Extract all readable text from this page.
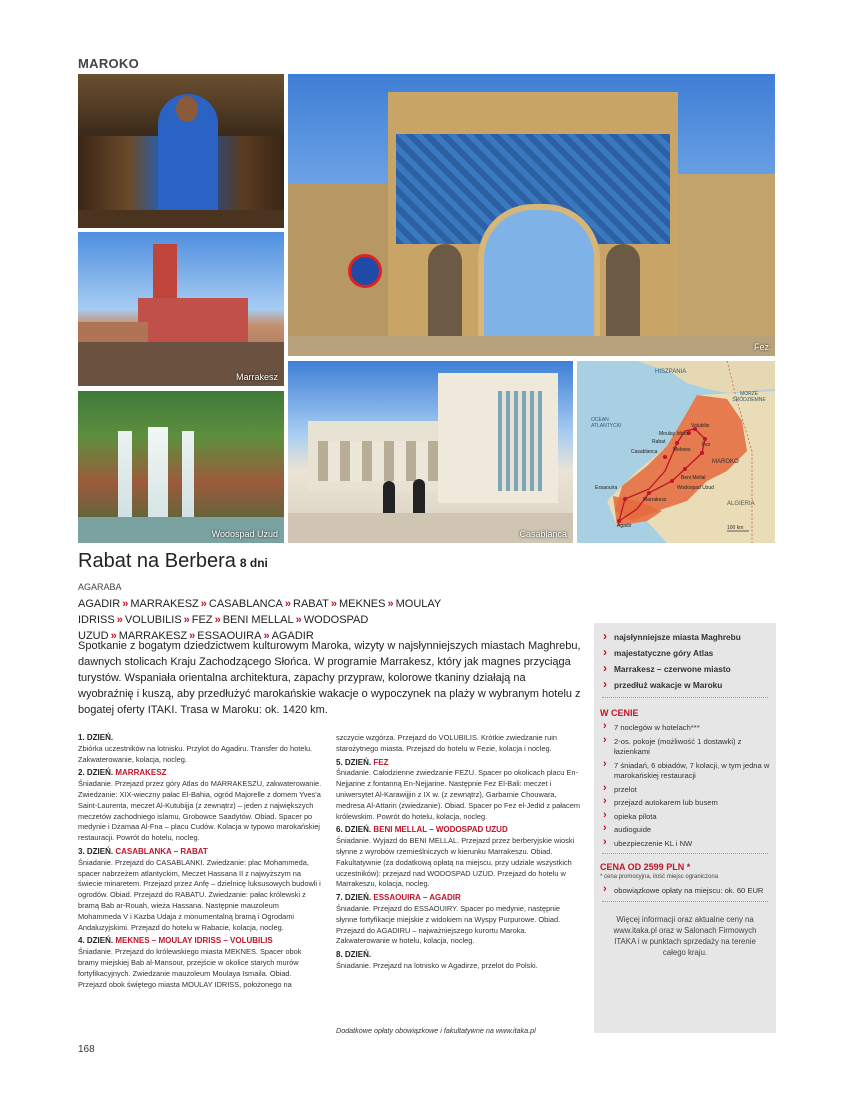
MAROKO
Fez
Marrakesz
Wodospad Uzud	Casablanca
HISZPANIA
MORZE ŚRÓDZIEMNE
OCEAN ATLANTYCKI
MAROKO
ALGIERIA
100 km
Volubilis
Moulay Idriss
Rabat
Meknes
Fez
Casablanca
Beni Mellal
Wodospad Uzud
Essaouira
Marrakesz
Agadir
Rabat na Berbera 8 dni
AGARABA
AGADIR » MARRAKESZ » CASABLANCA » RABAT » MEKNES » MOULAY IDRISS » VOLUBILIS » FEZ » BENI MELLAL » WODOSPAD UZUD » MARRAKESZ » ESSAOUIRA » AGADIR
Spotkanie z bogatym dziedzictwem kulturowym Maroka, wizyty w najsłynniejszych miastach Maghrebu, dawnych stolicach Kraju Zachodzącego Słońca. W programie Marrakesz, który jak magnes przyciąga turystów. Wspaniała orientalna architektura, zapachy przypraw, kolorowe tkaniny działają na wyobraźnię i kuszą, aby przedłużyć marokańskie wakacje o wypoczynek na plaży w wybranym hotelu z bogatej oferty ITAKI. Trasa w Maroku: ok. 1420 km.
1. DZIEŃ.
Zbiórka uczestników na lotnisku. Przylot do Agadiru. Transfer do hotelu. Zakwaterowanie, kolacja, nocleg.
2. DZIEŃ. MARRAKESZ
Śniadanie. Przejazd przez góry Atlas do MARRAKESZU, zakwaterowanie. Zwiedzanie: XIX-wieczny pałac El-Bahia, ogród Majorelle z domem Yves'a Saint-Laurenta, meczet Al-Kutubijja (z zewnątrz) – jeden z największych meczetów zachodniego islamu, Grobowce Saadytów. Obiad. Spacer po medynie i Dżamaa Al-Fna – placu Cudów. Kolacja w typowo marokańskiej restauracji. Powrót do hotelu, nocleg.
3. DZIEŃ. CASABLANKA – RABAT
Śniadanie. Przejazd do CASABLANKI. Zwiedzanie: plac Mohammeda, spacer nabrzeżem atlantyckim, Meczet Hassana II z najwyższym na świecie minaretem. Przejazd przez Anfę – dzielnicę luksusowych budowli i ogrodów. Obiad. Przejazd do RABATU. Zwiedzanie: pałac królewski z bramą Bab ar-Rouah, wieża Hassana. Następnie mauzoleum Mohammeda V i Kazba Udaja z monumentalną bramą i Ogrodami Andaluzyjskimi. Przejazd do hotelu w Rabacie, kolacja, nocleg.
4. DZIEŃ. MEKNES – MOULAY IDRISS – VOLUBILIS
Śniadanie. Przejazd do królewskiego miasta MEKNES. Spacer obok bramy miejskiej Bab al-Mansour, przejście w okolice starych murów fortyfikacyjnych. Zwiedzanie mauzoleum Moulaya Ismaila. Obiad. Przejazd obok świętego miasta MOULAY IDRISS, położonego na
szczycie wzgórza. Przejazd do VOLUBILIS. Krótkie zwiedzanie ruin starożytnego miasta. Przejazd do hotelu w Fezie, kolacja i nocleg.
5. DZIEŃ. FEZ
Śniadanie. Całodzienne zwiedzanie FEZU. Spacer po okolicach placu En-Nejjarine z fontanną En-Nejjarine. Następnie Fez El-Bali: meczet i uniwersytet Al-Karawijjin z IX w. (z zewnątrz), Garbarnie Chouwara, medresa Al-Attarin (zwiedzanie). Obiad. Spacer po Fez el-Jedid z pałacem królewskim. Powrót do hotelu, kolacja, nocleg.
6. DZIEŃ. BENI MELLAL – WODOSPAD UZUD
Śniadanie. Wyjazd do BENI MELLAL. Przejazd przez berberyjskie wioski słynne z wyrobów rzemieślniczych w kierunku Marrakeszu. Obiad. Fakultatywnie (za dodatkową opłatą na miejscu, przy udziale wszystkich uczestników): przejazd nad WODOSPAD UZUD. Przejazd do hotelu w Marrakeszu, kolacja, nocleg.
7. DZIEŃ. ESSAOUIRA – AGADIR
Śniadanie. Przejazd do ESSAOUIRY. Spacer po medynie, następnie słynne fortyfikacje miejskie z widokiem na Wyspy Purpurowe. Obiad. Przejazd do AGADIRU – najważniejszego kurortu Maroka. Zakwaterowanie w hotelu, kolacja, nocleg.
8. DZIEŃ.
Śniadanie. Przejazd na lotnisko w Agadirze, przelot do Polski.
Dodatkowe opłaty obowiązkowe i fakultatywne na www.itaka.pl
168
› najsłynniejsze miasta Maghrebu
› majestatyczne góry Atlas
› Marrakesz – czerwone miasto
› przedłuż wakacje w Maroku
W CENIE
› 7 noclegów w hotelach***
› 2-os. pokoje (możliwość 1 dostawki) z łazienkami
› 7 śniadań, 6 obiadów, 7 kolacji, w tym jedna w marokańskiej restauracji
› przelot
› przejazd autokarem lub busem
› opieka pilota
› audioguide
› ubezpieczenie KL i NW
CENA OD 2599 PLN *
* cena promocyjna, ilość miejsc ograniczona
› obowiązkowe opłaty na miejscu: ok. 60 EUR
Więcej informacji oraz aktualne ceny na www.itaka.pl oraz w Salonach Firmowych ITAKA i w punktach sprzedaży na terenie całego kraju.
